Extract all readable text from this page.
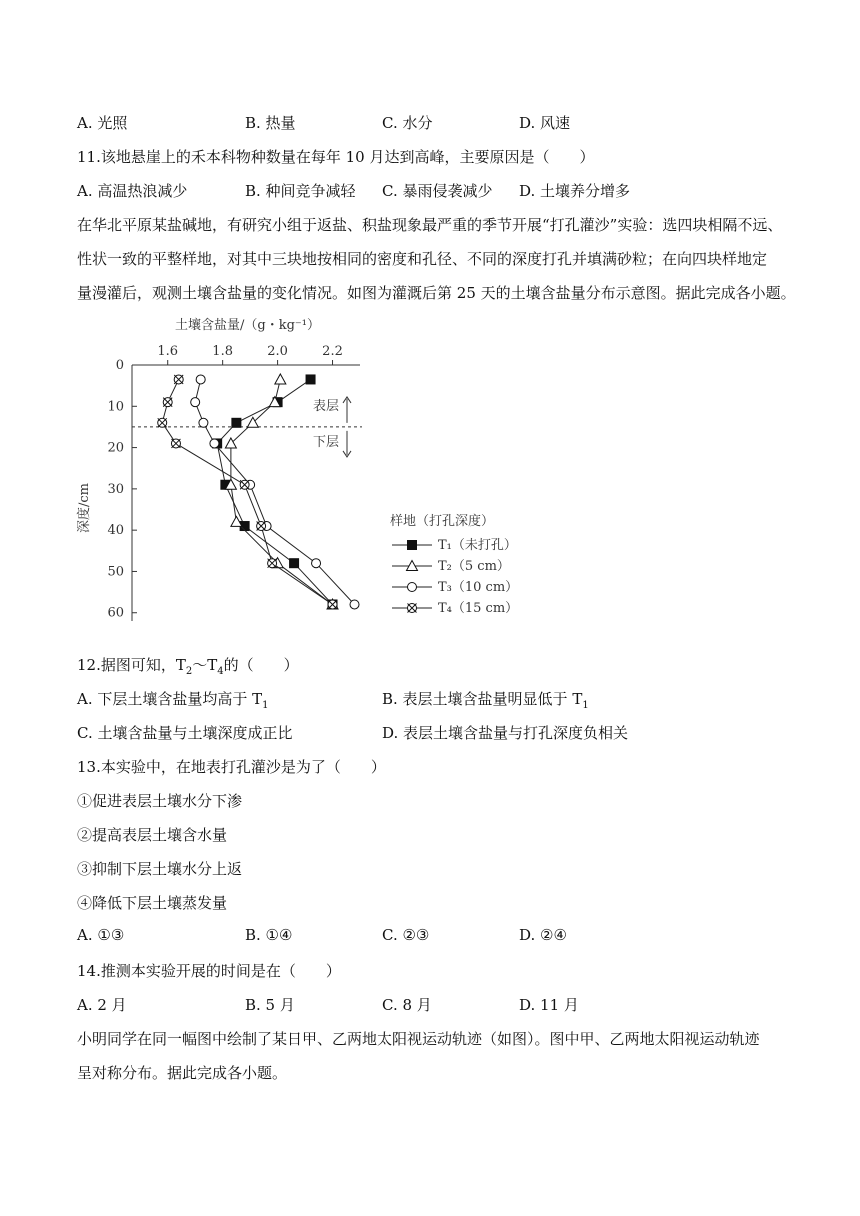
A. 光照	B. 热量	C. 水分	D. 风速
11.该地悬崖上的禾本科物种数量在每年 10 月达到高峰，主要原因是（　　）
A. 高温热浪减少	B. 种间竞争减轻 C. 暴雨侵袭减少 D. 土壤养分增多
在华北平原某盐碱地，有研究小组于返盐、积盐现象最严重的季节开展“打孔灌沙”实验：选四块相隔不远、
性状一致的平整样地，对其中三块地按相同的密度和孔径、不同的深度打孔并填满砂粒；在向四块样地定
量漫灌后，观测土壤含盐量的变化情况。如图为灌溉后第 25 天的土壤含盐量分布示意图。据此完成各小题。
土壤含盐量/（g・kg⁻¹）
1.6	1.8	2.0	2.2
0
10
20
30
40
50
60
深度/cm
表层
下层
样地（打孔深度）
T₁（未打孔）
T₂（5 cm）
T₃（10 cm）
T₄（15 cm）
12.据图可知，$T_2\sim T_4$的（　　）
A. 下层土壤含盐量均高于 $T_1$	B. 表层土壤含盐量明显低于 $T_1$
C. 土壤含盐量与土壤深度成正比	D. 表层土壤含盐量与打孔深度负相关
13.本实验中，在地表打孔灌沙是为了（　　）
①促进表层土壤水分下渗
②提高表层土壤含水量
③抑制下层土壤水分上返
④降低下层土壤蒸发量
A. ①③	B. ①④	C. ②③	D. ②④
14.推测本实验开展的时间是在（　　）
A. 2 月	B. 5 月	C. 8 月	D. 11 月
小明同学在同一幅图中绘制了某日甲、乙两地太阳视运动轨迹（如图）。图中甲、乙两地太阳视运动轨迹
呈对称分布。据此完成各小题。
